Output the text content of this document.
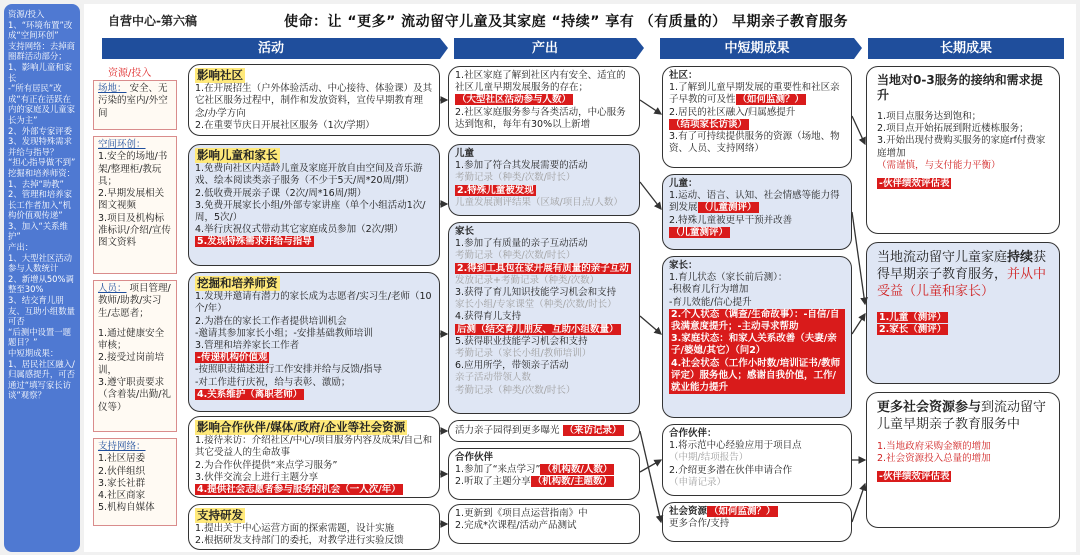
资源/投入
1、“环境布置”改成“空间环创”
支持网络：去掉商圈群活动部分；
1、影响儿童和家长
-“所有居民”改成“有正在活跃在内的家庭及儿童家长为主”
2、外部专家评委
3、发现特殊需求并给与指导？
“担心指导做不到”
挖掘和培养师资：
1、去掉“助教”
2、管理和培养家长工作者加入“机构价值观传递”
3、加入“关系维护”
产出：
1、大型社区活动参与人数统计
2、新增从50%调整至30%
3、结交育儿朋友、互助小组数量可否
“后测中设置一题题目？”
中短期成果：
1、居民社区融入/归属感提升，可否通过“填写家长访谈”观察？
自营中心-第六稿	使命：让 “更多” 流动留守儿童及其家庭 “持续” 享有 （有质量的） 早期亲子教育服务
活动	产出	中短期成果	长期成果
资源/投入
场地： 安全、无污染的室内/外空间
空间环创：
1.安全的场地/书架/整理柜/教玩具；
2.早期发展相关图文视频
3.项目及机构标准标识/介绍/宣传图文资料
人员： 项目管理/教师/助教/实习生/志愿者；
1.通过健康安全审核；
2.接受过岗前培训，
3.遵守职责要求（含着装/出勤/礼仪等）
支持网络：
1.社区居委
2.伙伴组织
3.家长社群
4.社区商家
5.机构自媒体
影响社区
1.在开展招生（户外体验活动、中心接待、体验课）及其它社区服务过程中，制作和发放资料，宣传早期教育理念/办学方向
2.在重要节庆日开展社区服务（1次/学期）
影响儿童和家长
1.免费向社区内适龄儿童及家庭开放自由空间及音乐游戏、绘本阅读类亲子服务（不少于5天/周*20周/期）
2.低收费开展亲子课（2次/周*16周/期）
3.免费开展家长小组/外部专家讲座（单个小组活动1次/周，5次/）
4.举行庆祝仪式带动其它家庭成员参加（2次/期）
5.发现特殊需求并给与指导
挖掘和培养师资
1.发现并邀请有潜力的家长成为志愿者/实习生/老师（10个/年）
2.为潜在的家长工作者提供培训机会
-邀请其参加家长小组；-安排基础教师培训
3.管理和培养家长工作者
-传递机构价值观
-按照职责描述进行工作安排并给与反馈/指导
-对工作进行庆祝，给与表彰、激励；
4.关系维护（离职老师）
影响合作伙伴/媒体/政府/企业等社会资源
1.接待来访：介绍社区/中心/项目服务内容及成果/自己和其它受益人的生命故事
2.为合作伙伴提供“来点学习服务”
3.伙伴交流会上进行主题分享
4.提供社会志愿者参与服务的机会（一人次/年）
支持研发
1.提出关于中心运营方面的探索需题，设计实施
2.根据研发支持部门的委托，对教学进行实验反馈
1.社区家庭了解到社区内有安全、适宜的社区儿童早期发展服务的存在；
（大型社区活动参与人数）
2.社区家庭服务参与各类活动，中心服务达到饱和，每年有30%以上新增
儿童
1.参加了符合其发展需要的活动
考勤记录（种类/次数/时长）
2.特殊儿童被发现
儿童发展测评结果（区域/项目点/人数）
家长
1.参加了有质量的亲子互动活动
考勤记录（种类/次数/时长）
2.得到工具包在家开展有质量的亲子互动
发放记录+考勤记录（种类/次数）
3.获得了育儿知识技能学习机会和支持
家长小组/专家课堂（种类/次数/时长）
4.获得育儿支持
后测（结交育儿朋友、互助小组数量）
5.获得职业技能学习机会和支持
考勤记录（家长小组/教师培训）
6.应用所学，带领亲子活动
亲子活动带领人数
考勤记录（种类/次数/时长）
活力亲子园得到更多曝光 （来访记录）
合作伙伴
1.参加了“来点学习” （机构数/人数）
2.听取了主题分享 （机构数/主题数）
1.更新到《项目点运营指南》中
2.完成*次课程/活动产品测试
社区：
1.了解到儿童早期发展的重要性和社区亲子早教的可及性 （如何监测？）
2.居民的社区融入/归属感提升
（结项家长访谈）
3.有了可持续提供服务的资源（场地、物资、人员、支持网络）
儿童：
1.运动、语言、认知、社会情感等能力得到发展 （儿童测评）
2.特殊儿童被更早干预并改善
（儿童测评）
家长：
1.育儿状态（家长前后测）：
-积极育儿行为增加
-育儿效能/信心提升
2.个人状态（调查/生命故事）：-自信/自我满意度提升；-主动寻求帮助
3.家庭状态：和家人关系改善（夫妻/亲子/婆媳/其它）（问2）
4.社会状态（工作小时数/培训证书/教师评定）服务他人；感谢自我价值，工作/就业能力提升
合作伙伴：
1.将示范中心经验应用于项目点
（中期/结项报告）
2.介绍更多潜在伙伴申请合作
（申请记录）
社会资源 （如何监测？）
更多合作/支持
当地对0-3服务的接纳和需求提升
1.项目点服务达到饱和；
2.项目点开始拓展到附近楼栋服务；
3.开始出现付费购买服务的家庭rf付费家庭增加
（需谨慎，与支付能力平衡）
-伙伴绩效评估表
当地流动留守儿童家庭持续获得早期亲子教育服务，并从中受益（儿童和家长）
1.儿童（测评）
2.家长（测评）
更多社会资源参与到流动留守儿童早期亲子教育服务中
1.当地政府采购金额的增加
2.社会资源投入总量的增加
-伙伴绩效评估表
